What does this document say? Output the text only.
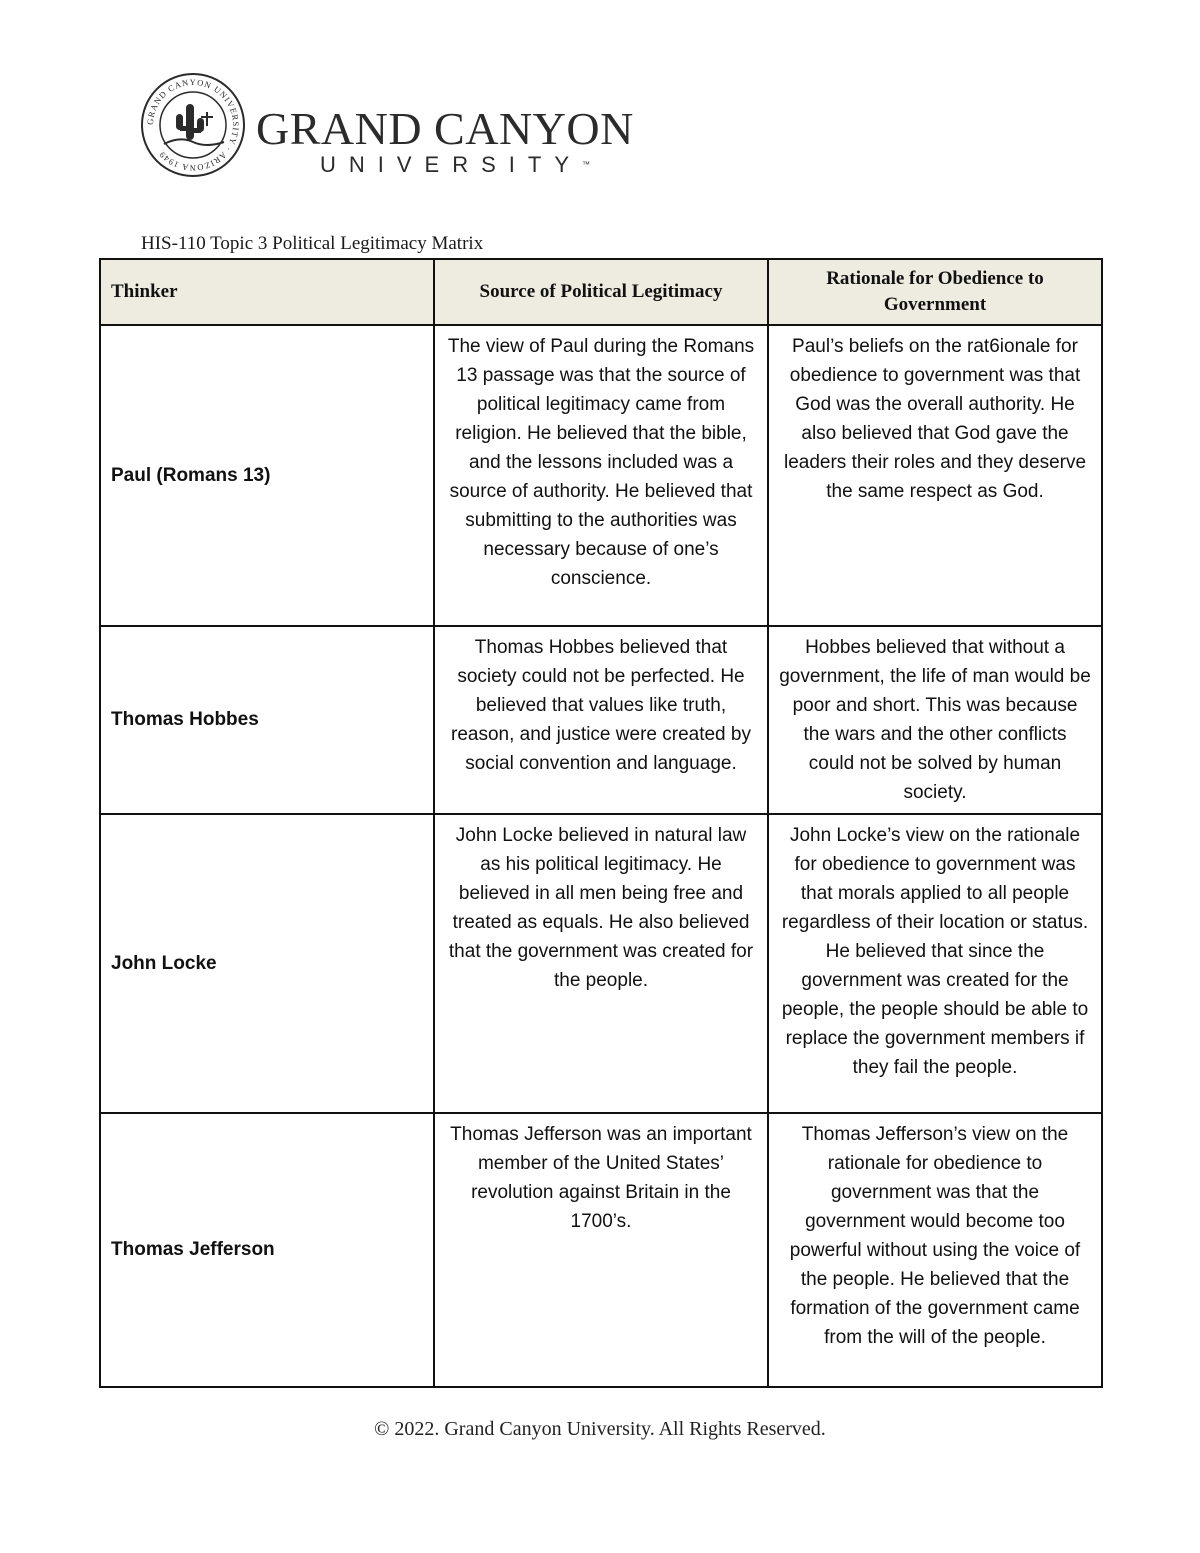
GRAND CANYON UNIVERSITY · ARIZONA 1949
GRAND CANYON
UNIVERSITY™
HIS-110 Topic 3 Political Legitimacy Matrix
Thinker	Source of Political Legitimacy	Rationale for Obedience to Government
Paul (Romans 13)	The view of Paul during the Romans 13 passage was that the source of political legitimacy came from religion. He believed that the bible, and the lessons included was a source of authority. He believed that submitting to the authorities was necessary because of one’s conscience.	Paul’s beliefs on the rat6ionale for obedience to government was that God was the overall authority. He also believed that God gave the leaders their roles and they deserve the same respect as God.
Thomas Hobbes	Thomas Hobbes believed that society could not be perfected. He believed that values like truth, reason, and justice were created by social convention and language.	Hobbes believed that without a government, the life of man would be poor and short. This was because the wars and the other conflicts could not be solved by human society.
John Locke	John Locke believed in natural law as his political legitimacy. He believed in all men being free and treated as equals. He also believed that the government was created for the people.	John Locke’s view on the rationale for obedience to government was that morals applied to all people regardless of their location or status. He believed that since the government was created for the people, the people should be able to replace the government members if they fail the people.
Thomas Jefferson	Thomas Jefferson was an important member of the United States’ revolution against Britain in the 1700’s.	Thomas Jefferson’s view on the rationale for obedience to government was that the government would become too powerful without using the voice of the people. He believed that the formation of the government came from the will of the people.
© 2022. Grand Canyon University. All Rights Reserved.
